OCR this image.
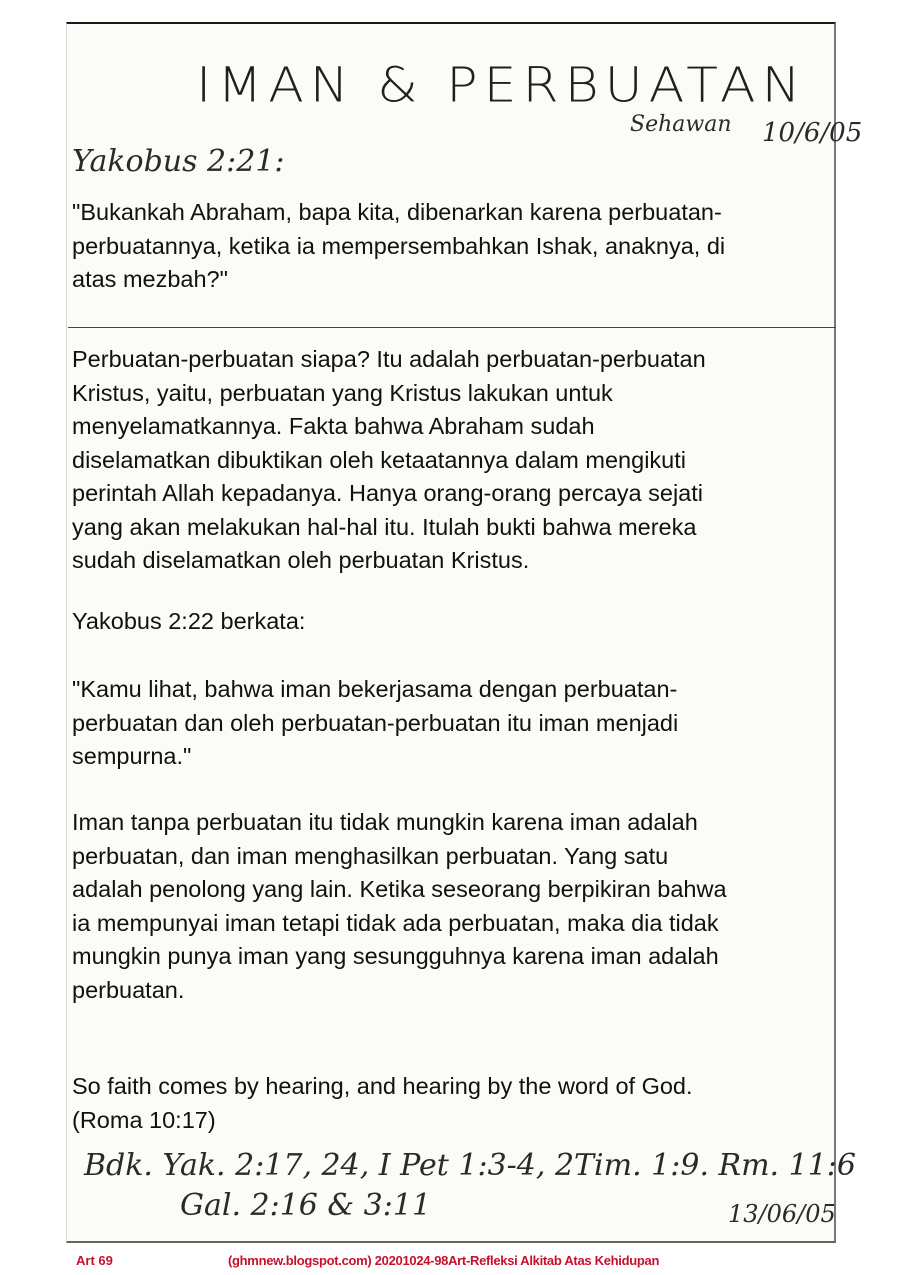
IMAN & PERBUATAN
Sehawan 10/6/05
Yakobus 2:21:

"Bukankah Abraham, bapa kita, dibenarkan karena perbuatan-
perbuatannya, ketika ia mempersembahkan Ishak, anaknya, di
atas mezbah?"

Perbuatan-perbuatan siapa? Itu adalah perbuatan-perbuatan
Kristus, yaitu, perbuatan yang Kristus lakukan untuk
menyelamatkannya. Fakta bahwa Abraham sudah
diselamatkan dibuktikan oleh ketaatannya dalam mengikuti
perintah Allah kepadanya. Hanya orang-orang percaya sejati
yang akan melakukan hal-hal itu. Itulah bukti bahwa mereka
sudah diselamatkan oleh perbuatan Kristus.

Yakobus 2:22 berkata:

"Kamu lihat, bahwa iman bekerjasama dengan perbuatan-
perbuatan dan oleh perbuatan-perbuatan itu iman menjadi
sempurna."

Iman tanpa perbuatan itu tidak mungkin karena iman adalah
perbuatan, dan iman menghasilkan perbuatan. Yang satu
adalah penolong yang lain. Ketika seseorang berpikiran bahwa
ia mempunyai iman tetapi tidak ada perbuatan, maka dia tidak
mungkin punya iman yang sesungguhnya karena iman adalah
perbuatan.

So faith comes by hearing, and hearing by the word of God.
(Roma 10:17)

Bdk. Yak. 2:17, 24, I Pet 1:3-4, 2Tim. 1:9. Rm. 11:6
Gal. 2:16 & 3:11	13/06/05
Art 69	(ghmnew.blogspot.com) 20201024-98Art-Refleksi Alkitab Atas Kehidupan
